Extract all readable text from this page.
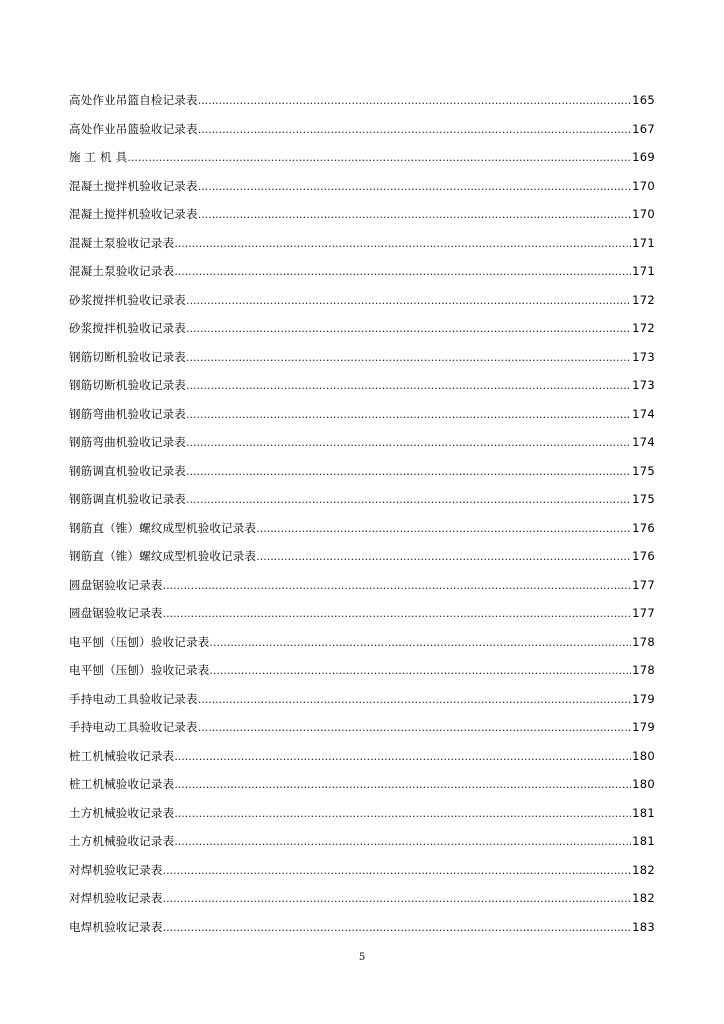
高处作业吊篮自检记录表 .....	165
高处作业吊篮验收记录表 .....	167
施 工 机 具 .....	169
混凝土搅拌机验收记录表 .....	170
混凝土搅拌机验收记录表 .....	170
混凝土泵验收记录表 .....	171
混凝土泵验收记录表 .....	171
砂浆搅拌机验收记录表 .....	172
砂浆搅拌机验收记录表 .....	172
钢筋切断机验收记录表 .....	173
钢筋切断机验收记录表 .....	173
钢筋弯曲机验收记录表 .....	174
钢筋弯曲机验收记录表 .....	174
钢筋调直机验收记录表 .....	175
钢筋调直机验收记录表 .....	175
钢筋直（锥）螺纹成型机验收记录表 .....	176
钢筋直（锥）螺纹成型机验收记录表 .....	176
圆盘锯验收记录表 .....	177
圆盘锯验收记录表 .....	177
电平刨（压刨）验收记录表 .....	178
电平刨（压刨）验收记录表 .....	178
手持电动工具验收记录表 .....	179
手持电动工具验收记录表 .....	179
桩工机械验收记录表 .....	180
桩工机械验收记录表 .....	180
土方机械验收记录表 .....	181
土方机械验收记录表 .....	181
对焊机验收记录表 .....	182
对焊机验收记录表 .....	182
电焊机验收记录表 .....	183
5
